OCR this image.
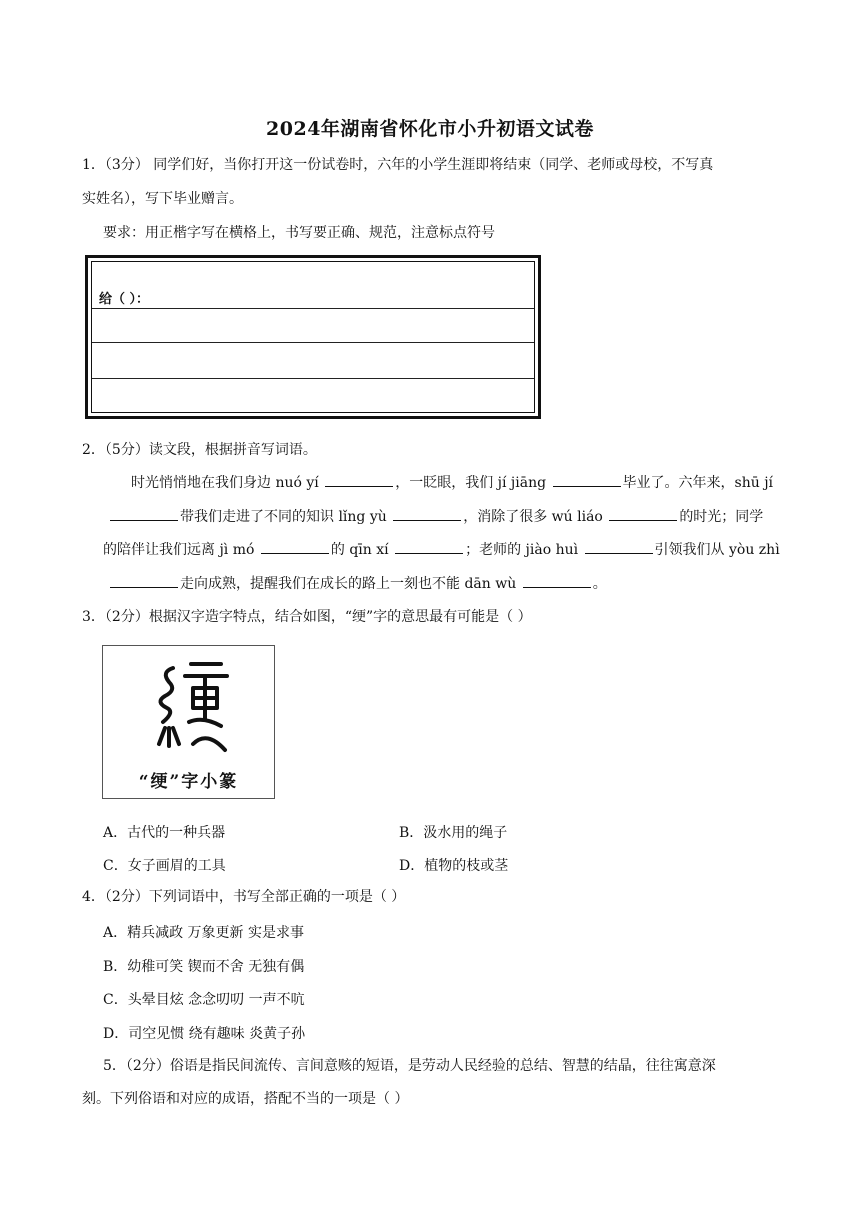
2024年湖南省怀化市小升初语文试卷
1．（3分） 同学们好，当你打开这一份试卷时，六年的小学生涯即将结束（同学、老师或母校，不写真
实姓名），写下毕业赠言。
要求：用正楷字写在横格上，书写要正确、规范，注意标点符号
给（ ）：
2．（5分）读文段，根据拼音写词语。
时光悄悄地在我们身边 nuó yí	，一眨眼，我们 jí jiāng	毕业了。六年来，shū jí
带我们走进了不同的知识 lǐng yù	，消除了很多 wú liáo	的时光；同学
的陪伴让我们远离 jì mó	的 qīn xí	；老师的 jiào huì	引领我们从 yòu zhì
走向成熟，提醒我们在成长的路上一刻也不能 dān wù	。
3．（2分）根据汉字造字特点，结合如图，“绠”字的意思最有可能是（ ）
“绠”字小篆
A．古代的一种兵器	B．汲水用的绳子
C．女子画眉的工具	D．植物的枝或茎
4．（2分）下列词语中，书写全部正确的一项是（ ）
A．精兵减政 万象更新 实是求事
B．幼稚可笑 锲而不舍 无独有偶
C．头晕目炫 念念叨叨 一声不吭
D．司空见惯 绕有趣味 炎黄子孙
5．（2分）俗语是指民间流传、言间意赅的短语，是劳动人民经验的总结、智慧的结晶，往往寓意深
刻。下列俗语和对应的成语，搭配不当的一项是（ ）
